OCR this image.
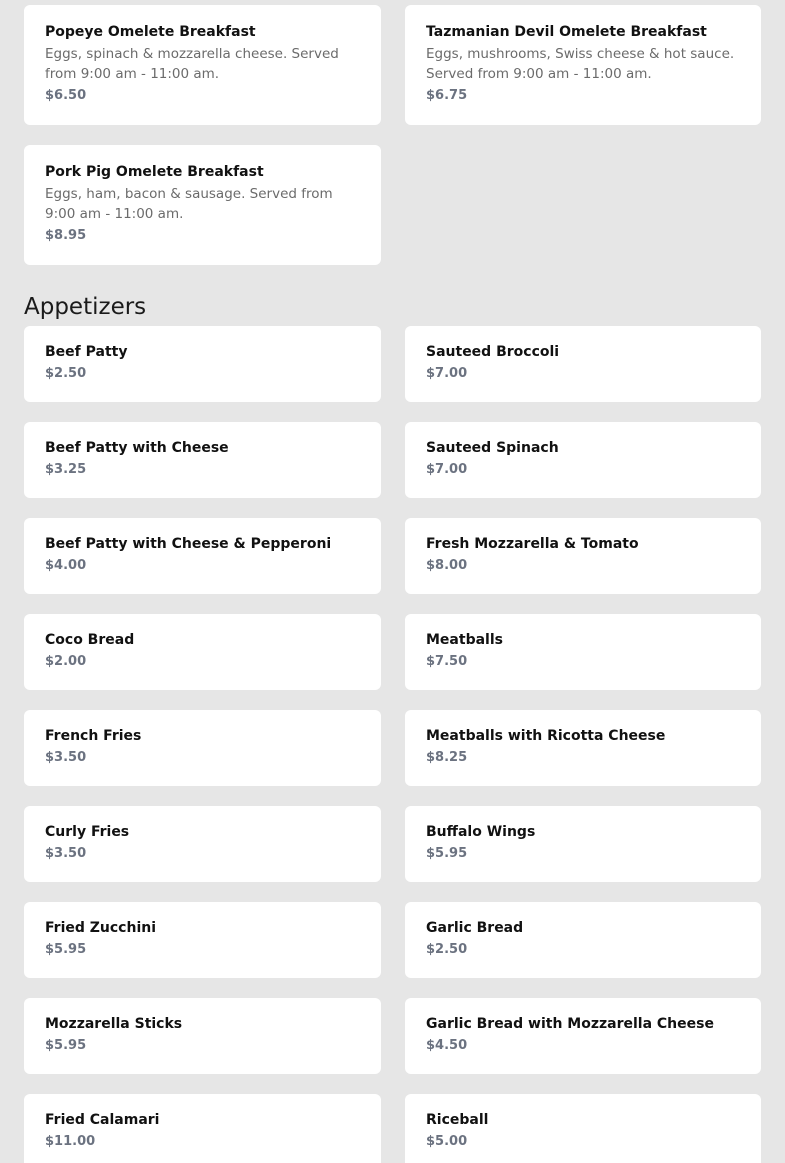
Popeye Omelete Breakfast
Eggs, spinach & mozzarella cheese. Served from 9:00 am - 11:00 am.
$6.50
Tazmanian Devil Omelete Breakfast
Eggs, mushrooms, Swiss cheese & hot sauce. Served from 9:00 am - 11:00 am.
$6.75
Pork Pig Omelete Breakfast
Eggs, ham, bacon & sausage. Served from 9:00 am - 11:00 am.
$8.95
Appetizers
Beef Patty
$2.50
Sauteed Broccoli
$7.00
Beef Patty with Cheese
$3.25
Sauteed Spinach
$7.00
Beef Patty with Cheese & Pepperoni
$4.00
Fresh Mozzarella & Tomato
$8.00
Coco Bread
$2.00
Meatballs
$7.50
French Fries
$3.50
Meatballs with Ricotta Cheese
$8.25
Curly Fries
$3.50
Buffalo Wings
$5.95
Fried Zucchini
$5.95
Garlic Bread
$2.50
Mozzarella Sticks
$5.95
Garlic Bread with Mozzarella Cheese
$4.50
Fried Calamari
$11.00
Riceball
$5.00
